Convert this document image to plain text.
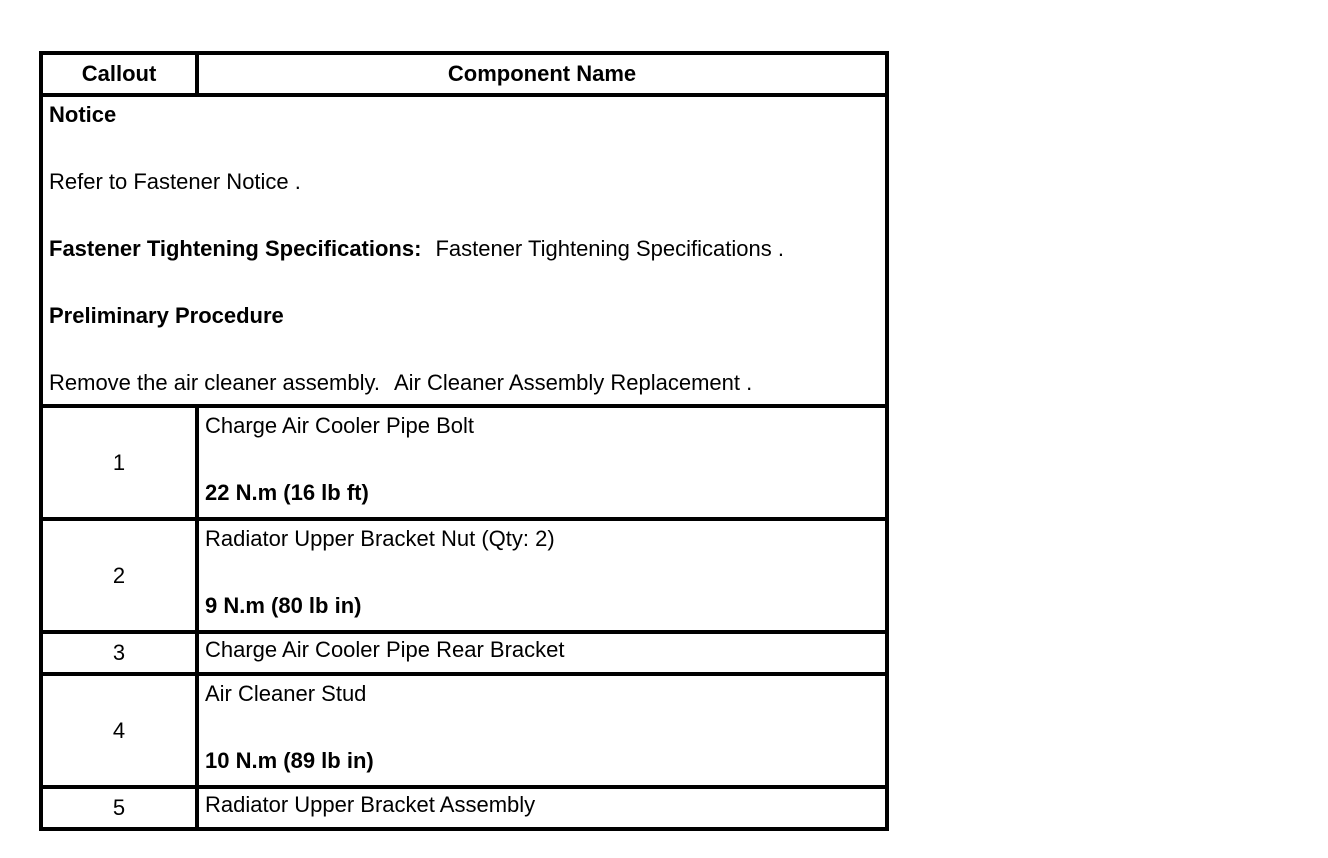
Callout	Component Name

Notice
Refer to Fastener Notice .
Fastener Tightening Specifications: Fastener Tightening Specifications .
Preliminary Procedure
Remove the air cleaner assembly. Air Cleaner Assembly Replacement .	

1	Charge Air Cooler Pipe Bolt
22 N.m (16 lb ft)

2	Radiator Upper Bracket Nut (Qty: 2)
9 N.m (80 lb in)

3	Charge Air Cooler Pipe Rear Bracket

4	Air Cleaner Stud
10 N.m (89 lb in)

5	Radiator Upper Bracket Assembly
